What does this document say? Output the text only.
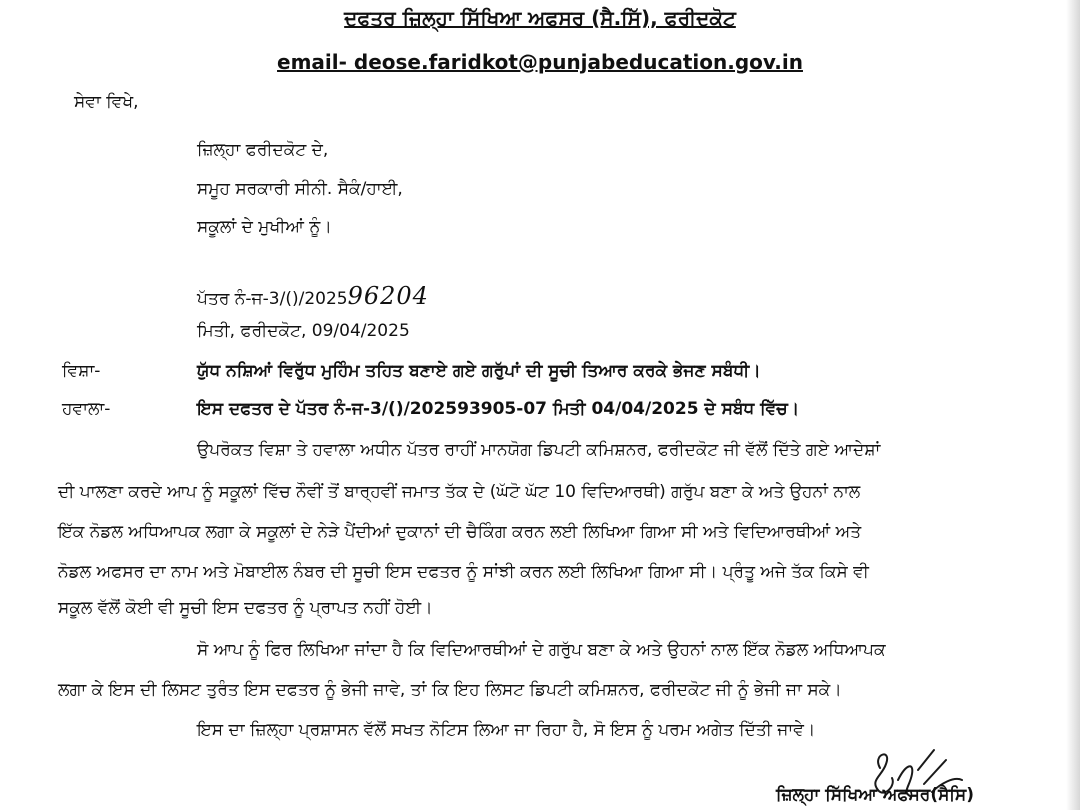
ਦਫਤਰ ਜ਼ਿਲ੍ਹਾ ਸਿੱਖਿਆ ਅਫਸਰ (ਸੈ.ਸਿੱ), ਫਰੀਦਕੋਟ
email- deose.faridkot@punjabeducation.gov.in
ਸੇਵਾ ਵਿਖੇ,
ਜ਼ਿਲ੍ਹਾ ਫਰੀਦਕੋਟ ਦੇ,
ਸਮੂਹ ਸਰਕਾਰੀ ਸੀਨੀ. ਸੈਕੰ/ਹਾਈ,
ਸਕੂਲਾਂ ਦੇ ਮੁਖੀਆਂ ਨੂੰ।
ਪੱਤਰ ਨੰ-ਜ-3/()/202596204
ਮਿਤੀ, ਫਰੀਦਕੋਟ, 09/04/2025
ਵਿਸ਼ਾ-	ਯੁੱਧ ਨਸ਼ਿਆਂ ਵਿਰੁੱਧ ਮੁਹਿੰਮ ਤਹਿਤ ਬਣਾਏ ਗਏ ਗਰੁੱਪਾਂ ਦੀ ਸੂਚੀ ਤਿਆਰ ਕਰਕੇ ਭੇਜਣ ਸਬੰਧੀ।
ਹਵਾਲਾ-	ਇਸ ਦਫਤਰ ਦੇ ਪੱਤਰ ਨੰ-ਜ-3/()/202593905-07 ਮਿਤੀ 04/04/2025 ਦੇ ਸਬੰਧ ਵਿੱਚ।
ਉਪਰੋਕਤ ਵਿਸ਼ਾ ਤੇ ਹਵਾਲਾ ਅਧੀਨ ਪੱਤਰ ਰਾਹੀਂ ਮਾਨਯੋਗ ਡਿਪਟੀ ਕਮਿਸ਼ਨਰ, ਫਰੀਦਕੋਟ ਜੀ ਵੱਲੋਂ ਦਿੱਤੇ ਗਏ ਆਦੇਸ਼ਾਂ
ਦੀ ਪਾਲਣਾ ਕਰਦੇ ਆਪ ਨੂੰ ਸਕੂਲਾਂ ਵਿੱਚ ਨੌਵੀਂ ਤੋਂ ਬਾਰ੍ਹਵੀਂ ਜਮਾਤ ਤੱਕ ਦੇ (ਘੱਟੋ ਘੱਟ 10 ਵਿਦਿਆਰਥੀ) ਗਰੁੱਪ ਬਣਾ ਕੇ ਅਤੇ ਉਹਨਾਂ ਨਾਲ
ਇੱਕ ਨੋਡਲ ਅਧਿਆਪਕ ਲਗਾ ਕੇ ਸਕੂਲਾਂ ਦੇ ਨੇੜੇ ਪੈਂਦੀਆਂ ਦੁਕਾਨਾਂ ਦੀ ਚੈਕਿੰਗ ਕਰਨ ਲਈ ਲਿਖਿਆ ਗਿਆ ਸੀ ਅਤੇ ਵਿਦਿਆਰਥੀਆਂ ਅਤੇ
ਨੋਡਲ ਅਫਸਰ ਦਾ ਨਾਮ ਅਤੇ ਮੋਬਾਈਲ ਨੰਬਰ ਦੀ ਸੂਚੀ ਇਸ ਦਫਤਰ ਨੂੰ ਸਾਂਝੀ ਕਰਨ ਲਈ ਲਿਖਿਆ ਗਿਆ ਸੀ। ਪ੍ਰੰਤੂ ਅਜੇ ਤੱਕ ਕਿਸੇ ਵੀ
ਸਕੂਲ ਵੱਲੋਂ ਕੋਈ ਵੀ ਸੂਚੀ ਇਸ ਦਫਤਰ ਨੂੰ ਪ੍ਰਾਪਤ ਨਹੀਂ ਹੋਈ।
ਸੋ ਆਪ ਨੂੰ ਫਿਰ ਲਿਖਿਆ ਜਾਂਦਾ ਹੈ ਕਿ ਵਿਦਿਆਰਥੀਆਂ ਦੇ ਗਰੁੱਪ ਬਣਾ ਕੇ ਅਤੇ ਉਹਨਾਂ ਨਾਲ ਇੱਕ ਨੋਡਲ ਅਧਿਆਪਕ
ਲਗਾ ਕੇ ਇਸ ਦੀ ਲਿਸਟ ਤੁਰੰਤ ਇਸ ਦਫਤਰ ਨੂੰ ਭੇਜੀ ਜਾਵੇ, ਤਾਂ ਕਿ ਇਹ ਲਿਸਟ ਡਿਪਟੀ ਕਮਿਸ਼ਨਰ, ਫਰੀਦਕੋਟ ਜੀ ਨੂੰ ਭੇਜੀ ਜਾ ਸਕੇ।
ਇਸ ਦਾ ਜ਼ਿਲ੍ਹਾ ਪ੍ਰਸ਼ਾਸਨ ਵੱਲੋਂ ਸਖਤ ਨੋਟਿਸ ਲਿਆ ਜਾ ਰਿਹਾ ਹੈ, ਸੋ ਇਸ ਨੂੰ ਪਰਮ ਅਗੇਤ ਦਿੱਤੀ ਜਾਵੇ।
ਜ਼ਿਲ੍ਹਾ ਸਿੱਖਿਆ ਅਫਸਰ(ਸੈਸਿ)
